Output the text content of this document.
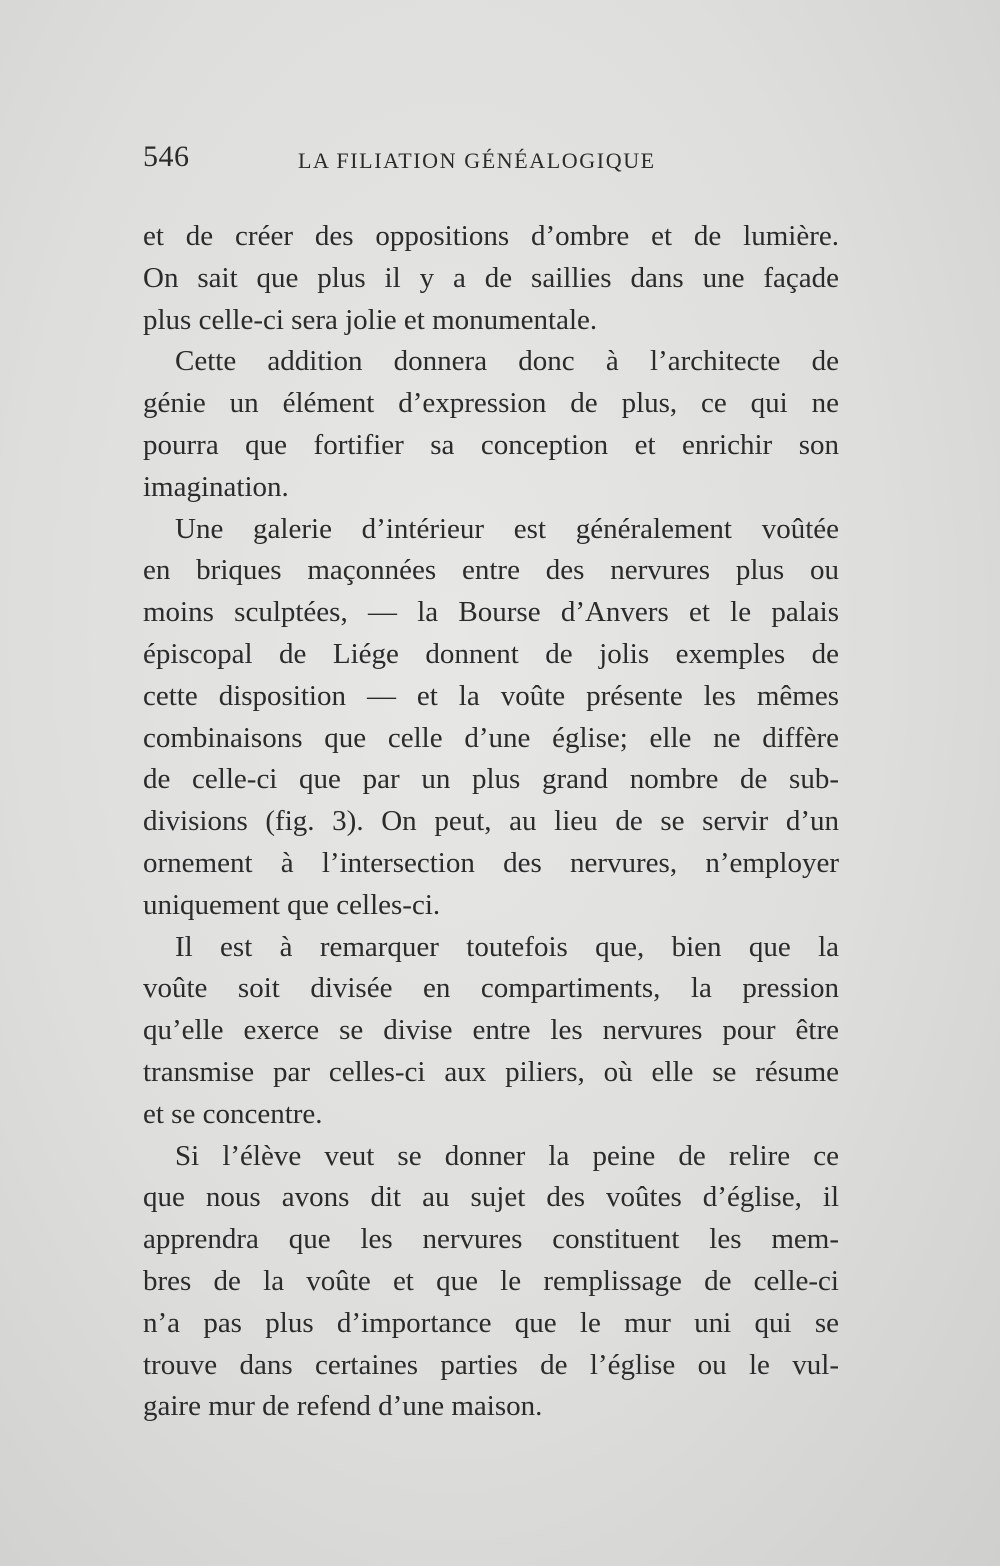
546	LA FILIATION GÉNÉALOGIQUE
et de créer des oppositions d’ombre et de lumière.
On sait que plus il y a de saillies dans une façade
plus celle-ci sera jolie et monumentale.
Cette addition donnera donc à l’architecte de
génie un élément d’expression de plus, ce qui ne
pourra que fortifier sa conception et enrichir son
imagination.
Une galerie d’intérieur est généralement voûtée
en briques maçonnées entre des nervures plus ou
moins sculptées, — la Bourse d’Anvers et le palais
épiscopal de Liége donnent de jolis exemples de
cette disposition — et la voûte présente les mêmes
combinaisons que celle d’une église; elle ne diffère
de celle-ci que par un plus grand nombre de sub-
divisions (fig. 3). On peut, au lieu de se servir d’un
ornement à l’intersection des nervures, n’employer
uniquement que celles-ci.
Il est à remarquer toutefois que, bien que la
voûte soit divisée en compartiments, la pression
qu’elle exerce se divise entre les nervures pour être
transmise par celles-ci aux piliers, où elle se résume
et se concentre.
Si l’élève veut se donner la peine de relire ce
que nous avons dit au sujet des voûtes d’église, il
apprendra que les nervures constituent les mem-
bres de la voûte et que le remplissage de celle-ci
n’a pas plus d’importance que le mur uni qui se
trouve dans certaines parties de l’église ou le vul-
gaire mur de refend d’une maison.
